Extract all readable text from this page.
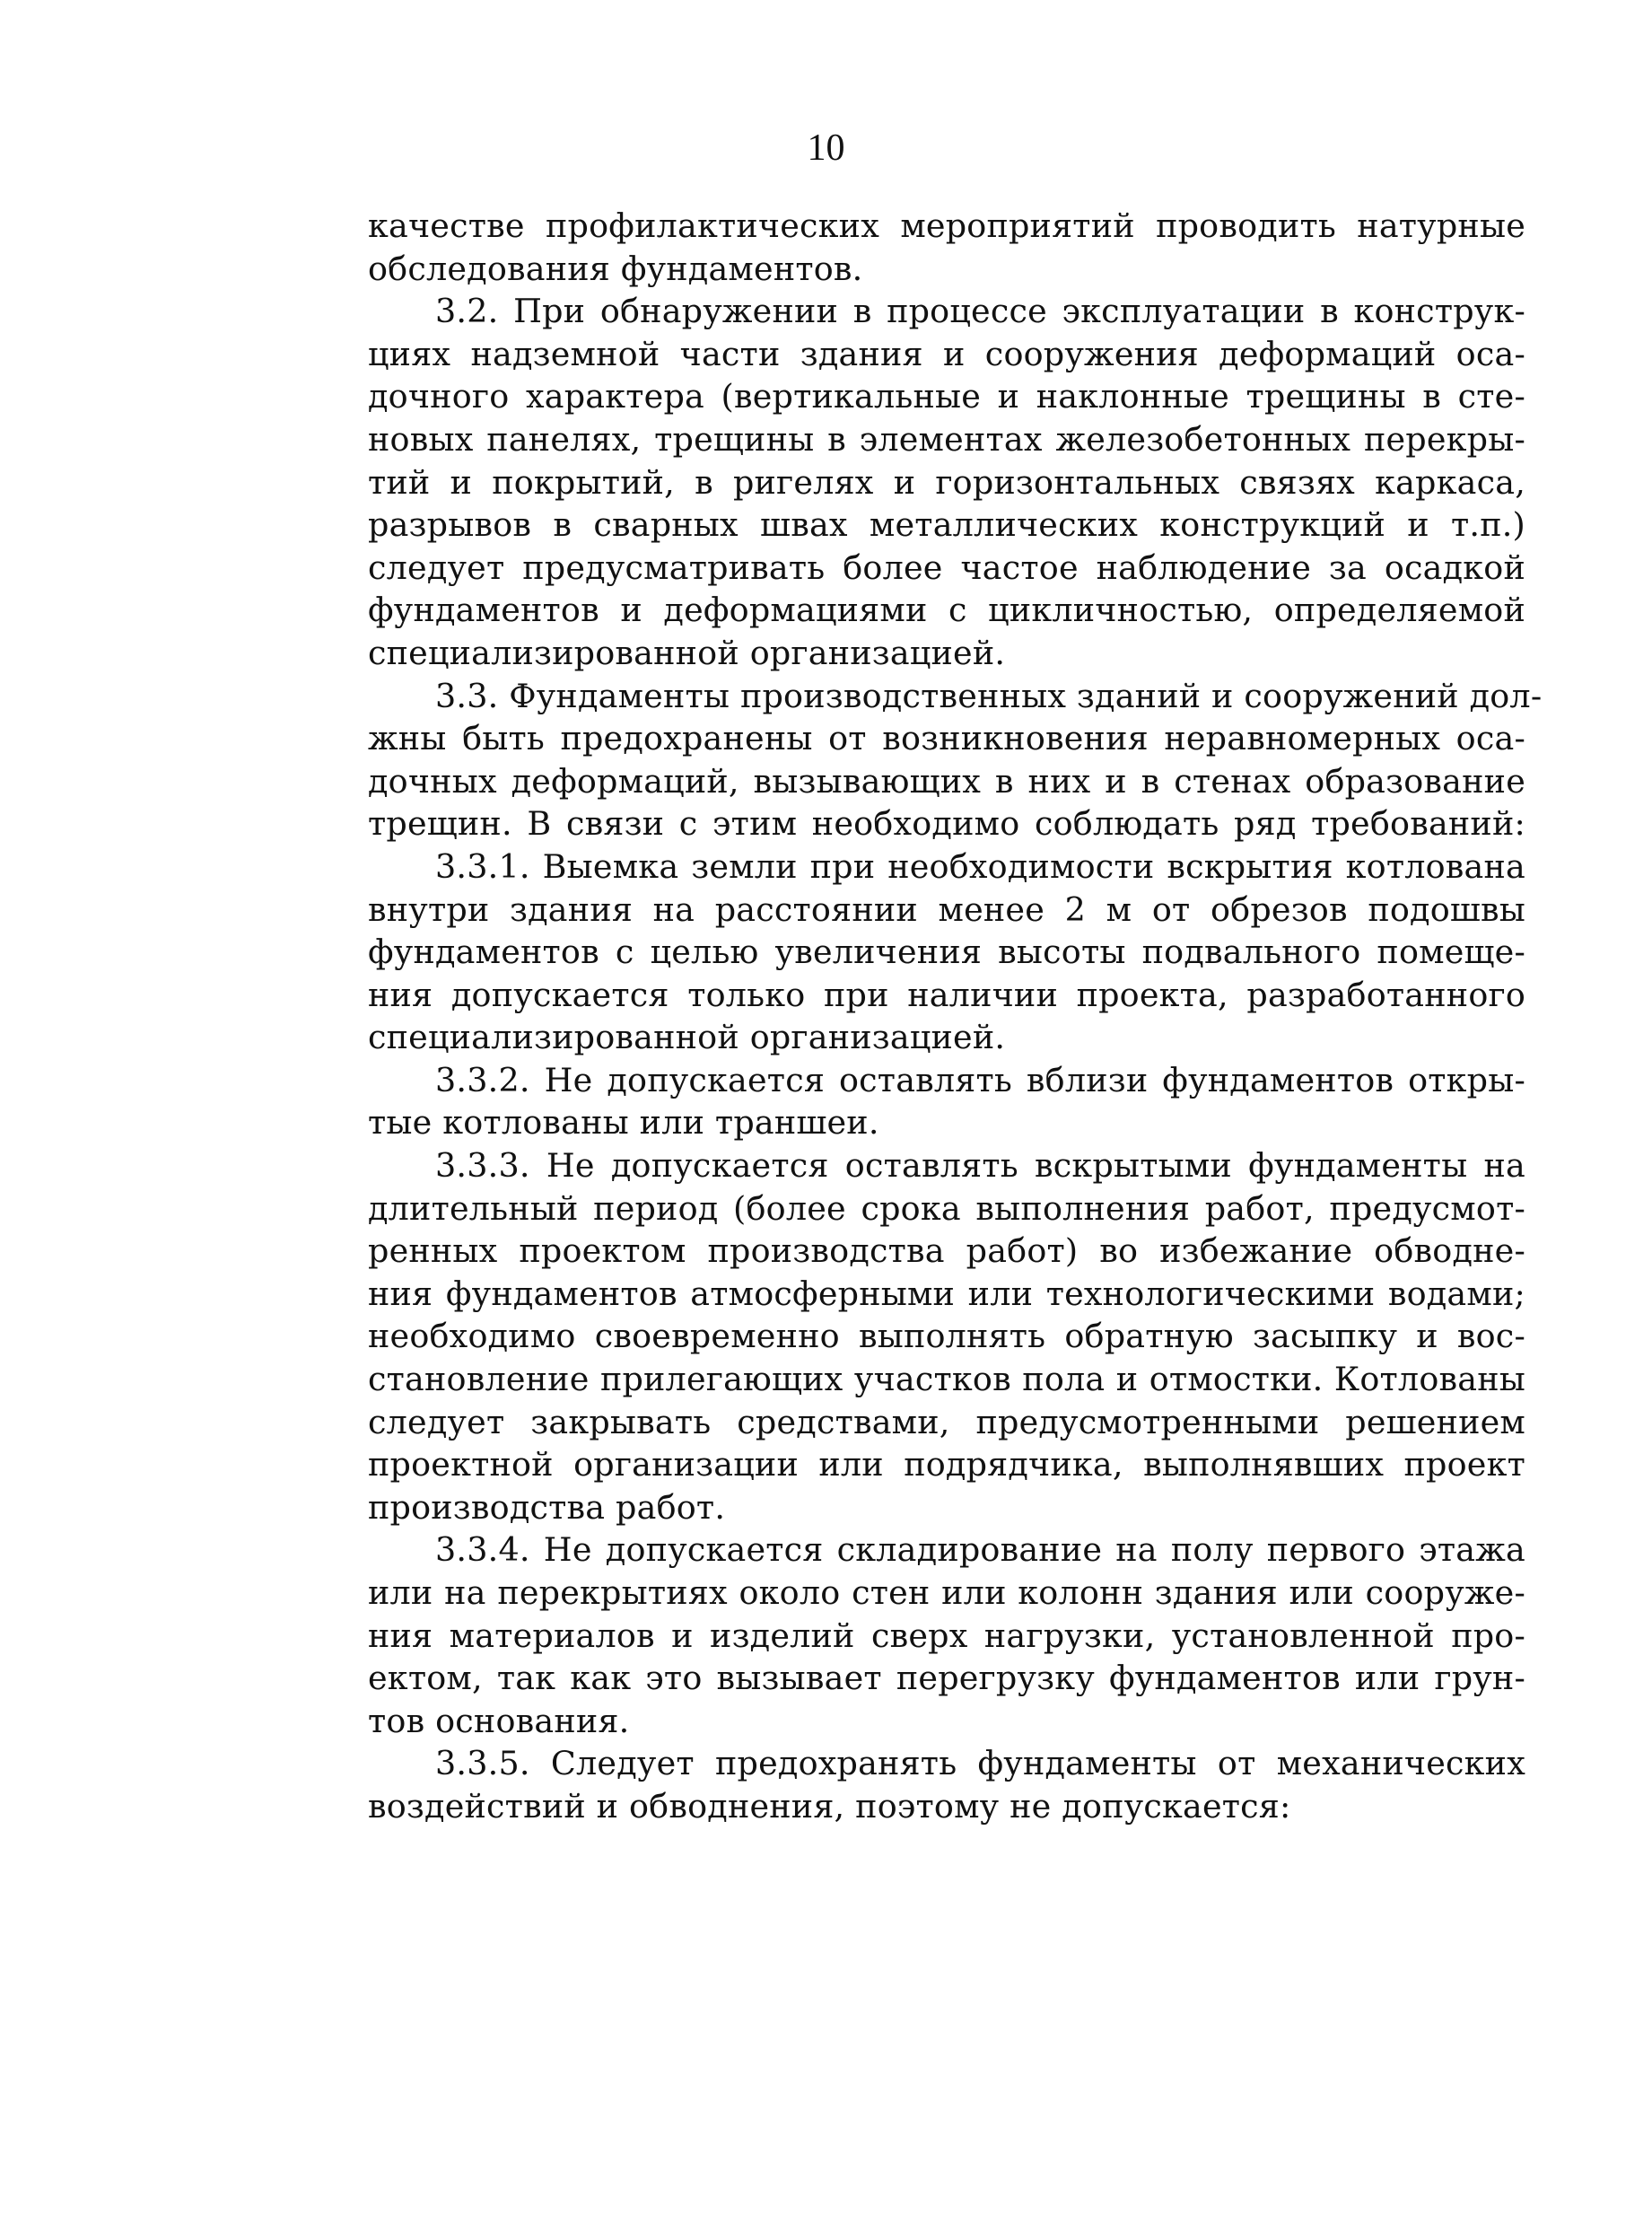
10

качестве профилактических мероприятий проводить натурные
обследования фундаментов.

3.2. При обнаружении в процессе эксплуатации в конструк-
циях надземной части здания и сооружения деформаций оса-
дочного характера (вертикальные и наклонные трещины в сте-
новых панелях, трещины в элементах железобетонных перекры-
тий и покрытий, в ригелях и горизонтальных связях каркаса,
разрывов в сварных швах металлических конструкций и т.п.)
следует предусматривать более частое наблюдение за осадкой
фундаментов и деформациями с цикличностью, определяемой
специализированной организацией.

3.3. Фундаменты производственных зданий и сооружений дол-
жны быть предохранены от возникновения неравномерных оса-
дочных деформаций, вызывающих в них и в стенах образование
трещин. В связи с этим необходимо соблюдать ряд требований:

3.3.1. Выемка земли при необходимости вскрытия котлована
внутри здания на расстоянии менее 2 м от обрезов подошвы
фундаментов с целью увеличения высоты подвального помеще-
ния допускается только при наличии проекта, разработанного
специализированной организацией.

3.3.2. Не допускается оставлять вблизи фундаментов откры-
тые котлованы или траншеи.

3.3.3. Не допускается оставлять вскрытыми фундаменты на
длительный период (более срока выполнения работ, предусмот-
ренных проектом производства работ) во избежание обводне-
ния фундаментов атмосферными или технологическими водами;
необходимо своевременно выполнять обратную засыпку и вос-
становление прилегающих участков пола и отмостки. Котлованы
следует закрывать средствами, предусмотренными решением
проектной организации или подрядчика, выполнявших проект
производства работ.

3.3.4. Не допускается складирование на полу первого этажа
или на перекрытиях около стен или колонн здания или сооруже-
ния материалов и изделий сверх нагрузки, установленной про-
ектом, так как это вызывает перегрузку фундаментов или грун-
тов основания.

3.3.5. Следует предохранять фундаменты от механических
воздействий и обводнения, поэтому не допускается:
